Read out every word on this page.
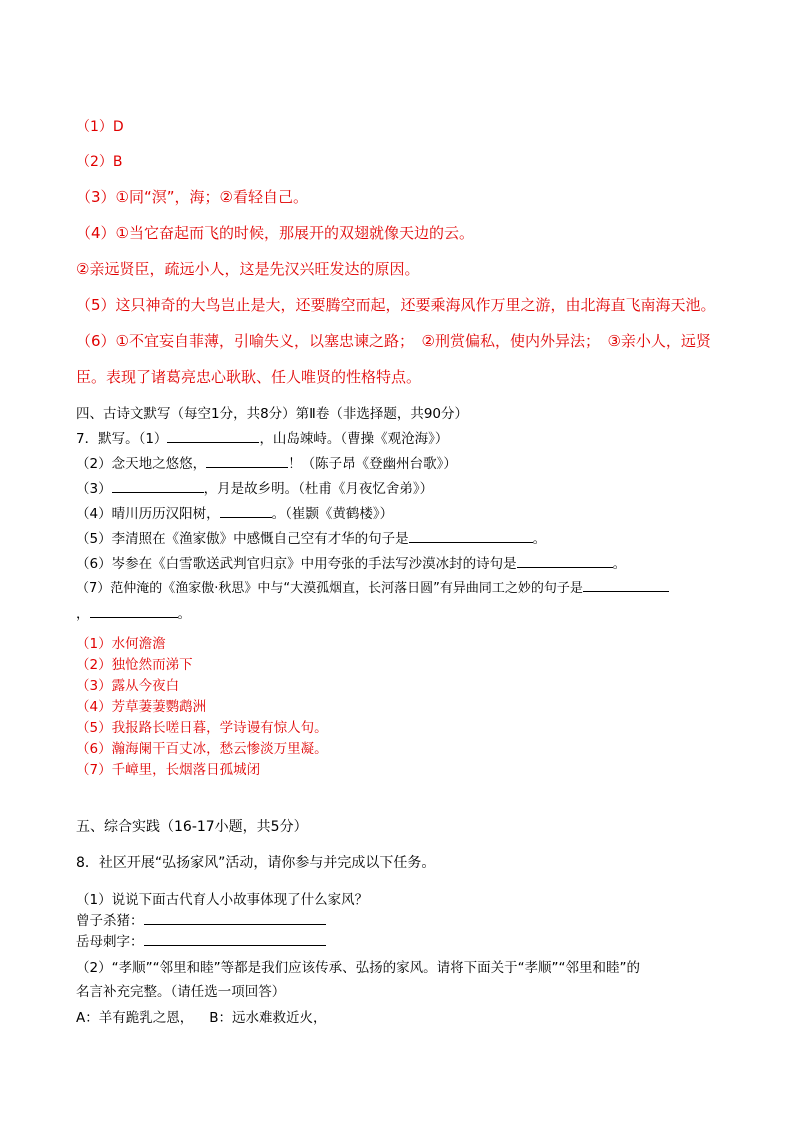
（1）D
（2）B
（3）①同“溟”，海；②看轻自己。
（4）①当它奋起而飞的时候，那展开的双翅就像天边的云。
②亲远贤臣，疏远小人，这是先汉兴旺发达的原因。
（5）这只神奇的大鸟岂止是大，还要腾空而起，还要乘海风作万里之游，由北海直飞南海天池。
（6）①不宜妄自菲薄，引喻失义，以塞忠谏之路；　②刑赏偏私，使内外异法；　③亲小人，远贤
臣。表现了诸葛亮忠心耿耿、任人唯贤的性格特点。
四、古诗文默写（每空1分，共8分）第Ⅱ卷（非选择题，共90分）
7．默写。（1）	，山岛竦峙。（曹操《观沧海》）
（2）念天地之悠悠，	！（陈子昂《登幽州台歌》）
（3）	，月是故乡明。（杜甫《月夜忆舍弟》）
（4）晴川历历汉阳树，	。（崔颢《黄鹤楼》）
（5）李清照在《渔家傲》中感慨自己空有才华的句子是	。
（6）岑参在《白雪歌送武判官归京》中用夸张的手法写沙漠冰封的诗句是	。
（7）范仲淹的《渔家傲·秋思》中与“大漠孤烟直，长河落日圆”有异曲同工之妙的句子是
，	。
（1）水何澹澹
（2）独怆然而涕下
（3）露从今夜白
（4）芳草萋萋鹦鹉洲
（5）我报路长嗟日暮，学诗谩有惊人句。
（6）瀚海阑干百丈冰，愁云惨淡万里凝。
（7）千嶂里，长烟落日孤城闭
五、综合实践（16-17小题，共5分）
8．社区开展“弘扬家风”活动，请你参与并完成以下任务。
（1）说说下面古代育人小故事体现了什么家风？
曾子杀猪：
岳母刺字：
（2）“孝顺”“邻里和睦”等都是我们应该传承、弘扬的家风。请将下面关于“孝顺”“邻里和睦”的
名言补充完整。（请任选一项回答）
A：羊有跪乳之恩， B：远水难救近火，
